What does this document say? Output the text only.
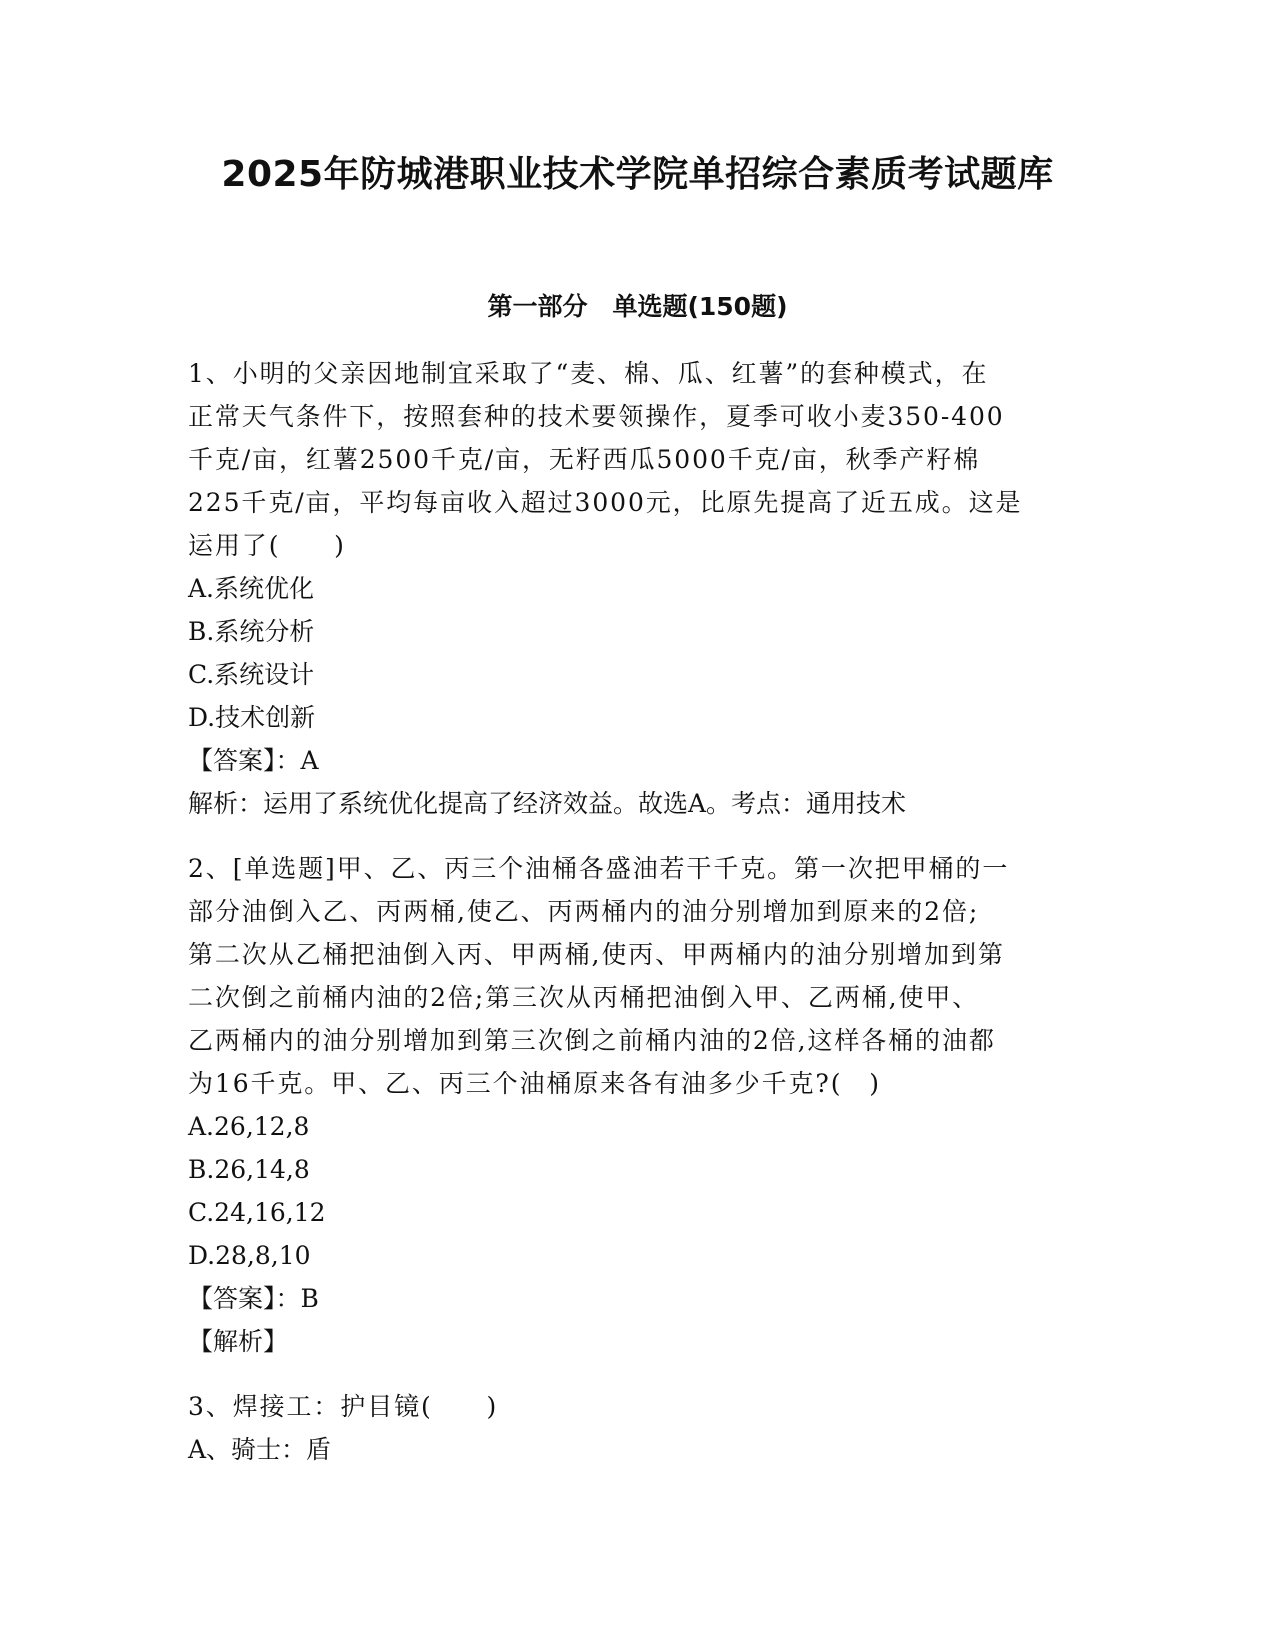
2025年防城港职业技术学院单招综合素质考试题库
第一部分　单选题(150题)
1、小明的父亲因地制宜采取了“麦、棉、瓜、红薯”的套种模式，在
正常天气条件下，按照套种的技术要领操作，夏季可收小麦350-400
千克/亩，红薯2500千克/亩，无籽西瓜5000千克/亩，秋季产籽棉
225千克/亩，平均每亩收入超过3000元，比原先提高了近五成。这是
运用了(　　)
A.系统优化
B.系统分析
C.系统设计
D.技术创新
【答案】：A
解析：运用了系统优化提高了经济效益。故选A。考点：通用技术
2、[单选题]甲、乙、丙三个油桶各盛油若干千克。第一次把甲桶的一
部分油倒入乙、丙两桶,使乙、丙两桶内的油分别增加到原来的2倍;
第二次从乙桶把油倒入丙、甲两桶,使丙、甲两桶内的油分别增加到第
二次倒之前桶内油的2倍;第三次从丙桶把油倒入甲、乙两桶,使甲、
乙两桶内的油分别增加到第三次倒之前桶内油的2倍,这样各桶的油都
为16千克。甲、乙、丙三个油桶原来各有油多少千克?(　)
A.26,12,8
B.26,14,8
C.24,16,12
D.28,8,10
【答案】：B
【解析】
3、焊接工：护目镜(　　)
A、骑士：盾
